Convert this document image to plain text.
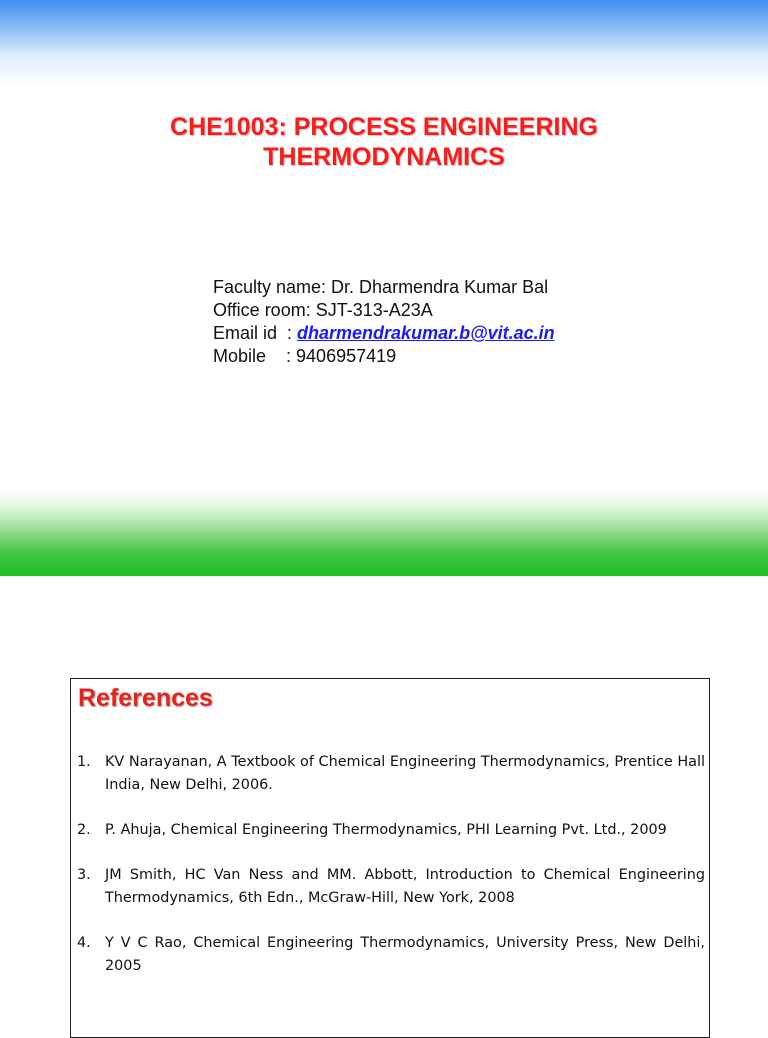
CHE1003: PROCESS ENGINEERING
THERMODYNAMICS
Faculty name: Dr. Dharmendra Kumar Bal
Office room: SJT-313-A23A
Email id  : dharmendrakumar.b@vit.ac.in
Mobile    : 9406957419
References
1. KV Narayanan, A Textbook of Chemical Engineering Thermodynamics, Prentice Hall India, New Delhi, 2006.
2. P. Ahuja, Chemical Engineering Thermodynamics, PHI Learning Pvt. Ltd., 2009
3. JM Smith, HC Van Ness and MM. Abbott, Introduction to Chemical Engineering Thermodynamics, 6th Edn., McGraw-Hill, New York, 2008
4. Y V C Rao, Chemical Engineering Thermodynamics, University Press, New Delhi, 2005
